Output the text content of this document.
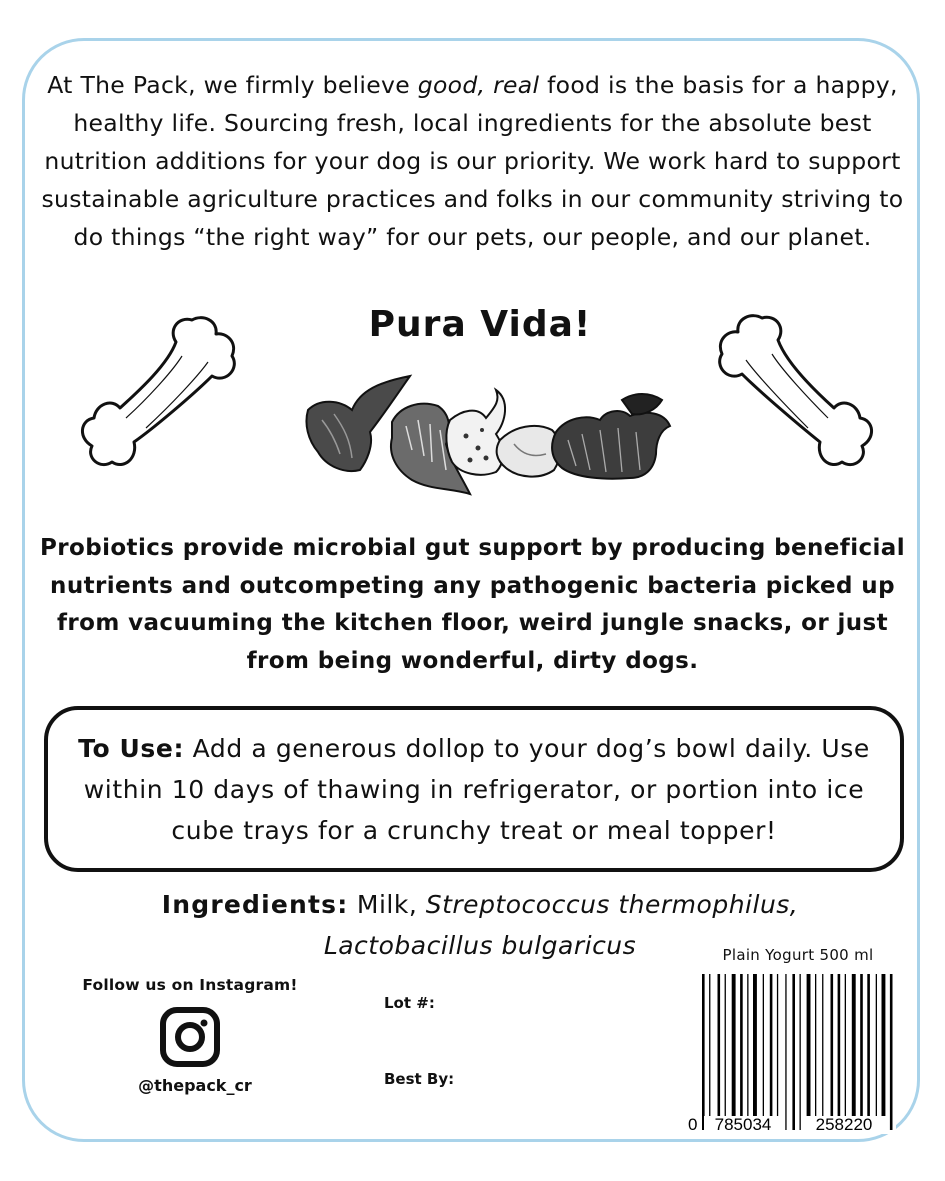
At The Pack, we firmly believe good, real food is the basis for a happy, healthy life. Sourcing fresh, local ingredients for the absolute best nutrition additions for your dog is our priority. We work hard to support sustainable agriculture practices and folks in our community striving to do things “the right way” for our pets, our people, and our planet.
Pura Vida!
Probiotics provide microbial gut support by producing beneficial nutrients and outcompeting any pathogenic bacteria picked up from vacuuming the kitchen floor, weird jungle snacks, or just from being wonderful, dirty dogs.
To Use: Add a generous dollop to your dog’s bowl daily. Use within 10 days of thawing in refrigerator, or portion into ice cube trays for a crunchy treat or meal topper!
Ingredients: Milk, Streptococcus thermophilus, Lactobacillus bulgaricus
Follow us on Instagram!
@thepack_cr
Lot #:
Best By:
Plain Yogurt 500 ml
0 785034	258220
